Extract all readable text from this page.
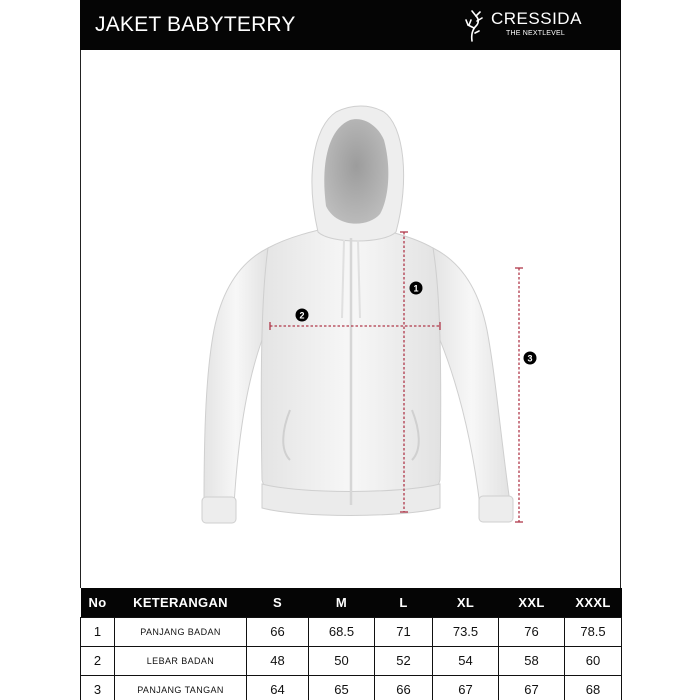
JAKET BABYTERRY	CRESSIDA
THE NEXTLEVEL
1
2
3
No	KETERANGAN	S	M	L	XL	XXL	XXXL
1	PANJANG BADAN	66	68.5	71	73.5	76	78.5
2	LEBAR BADAN	48	50	52	54	58	60
3	PANJANG TANGAN	64	65	66	67	67	68
